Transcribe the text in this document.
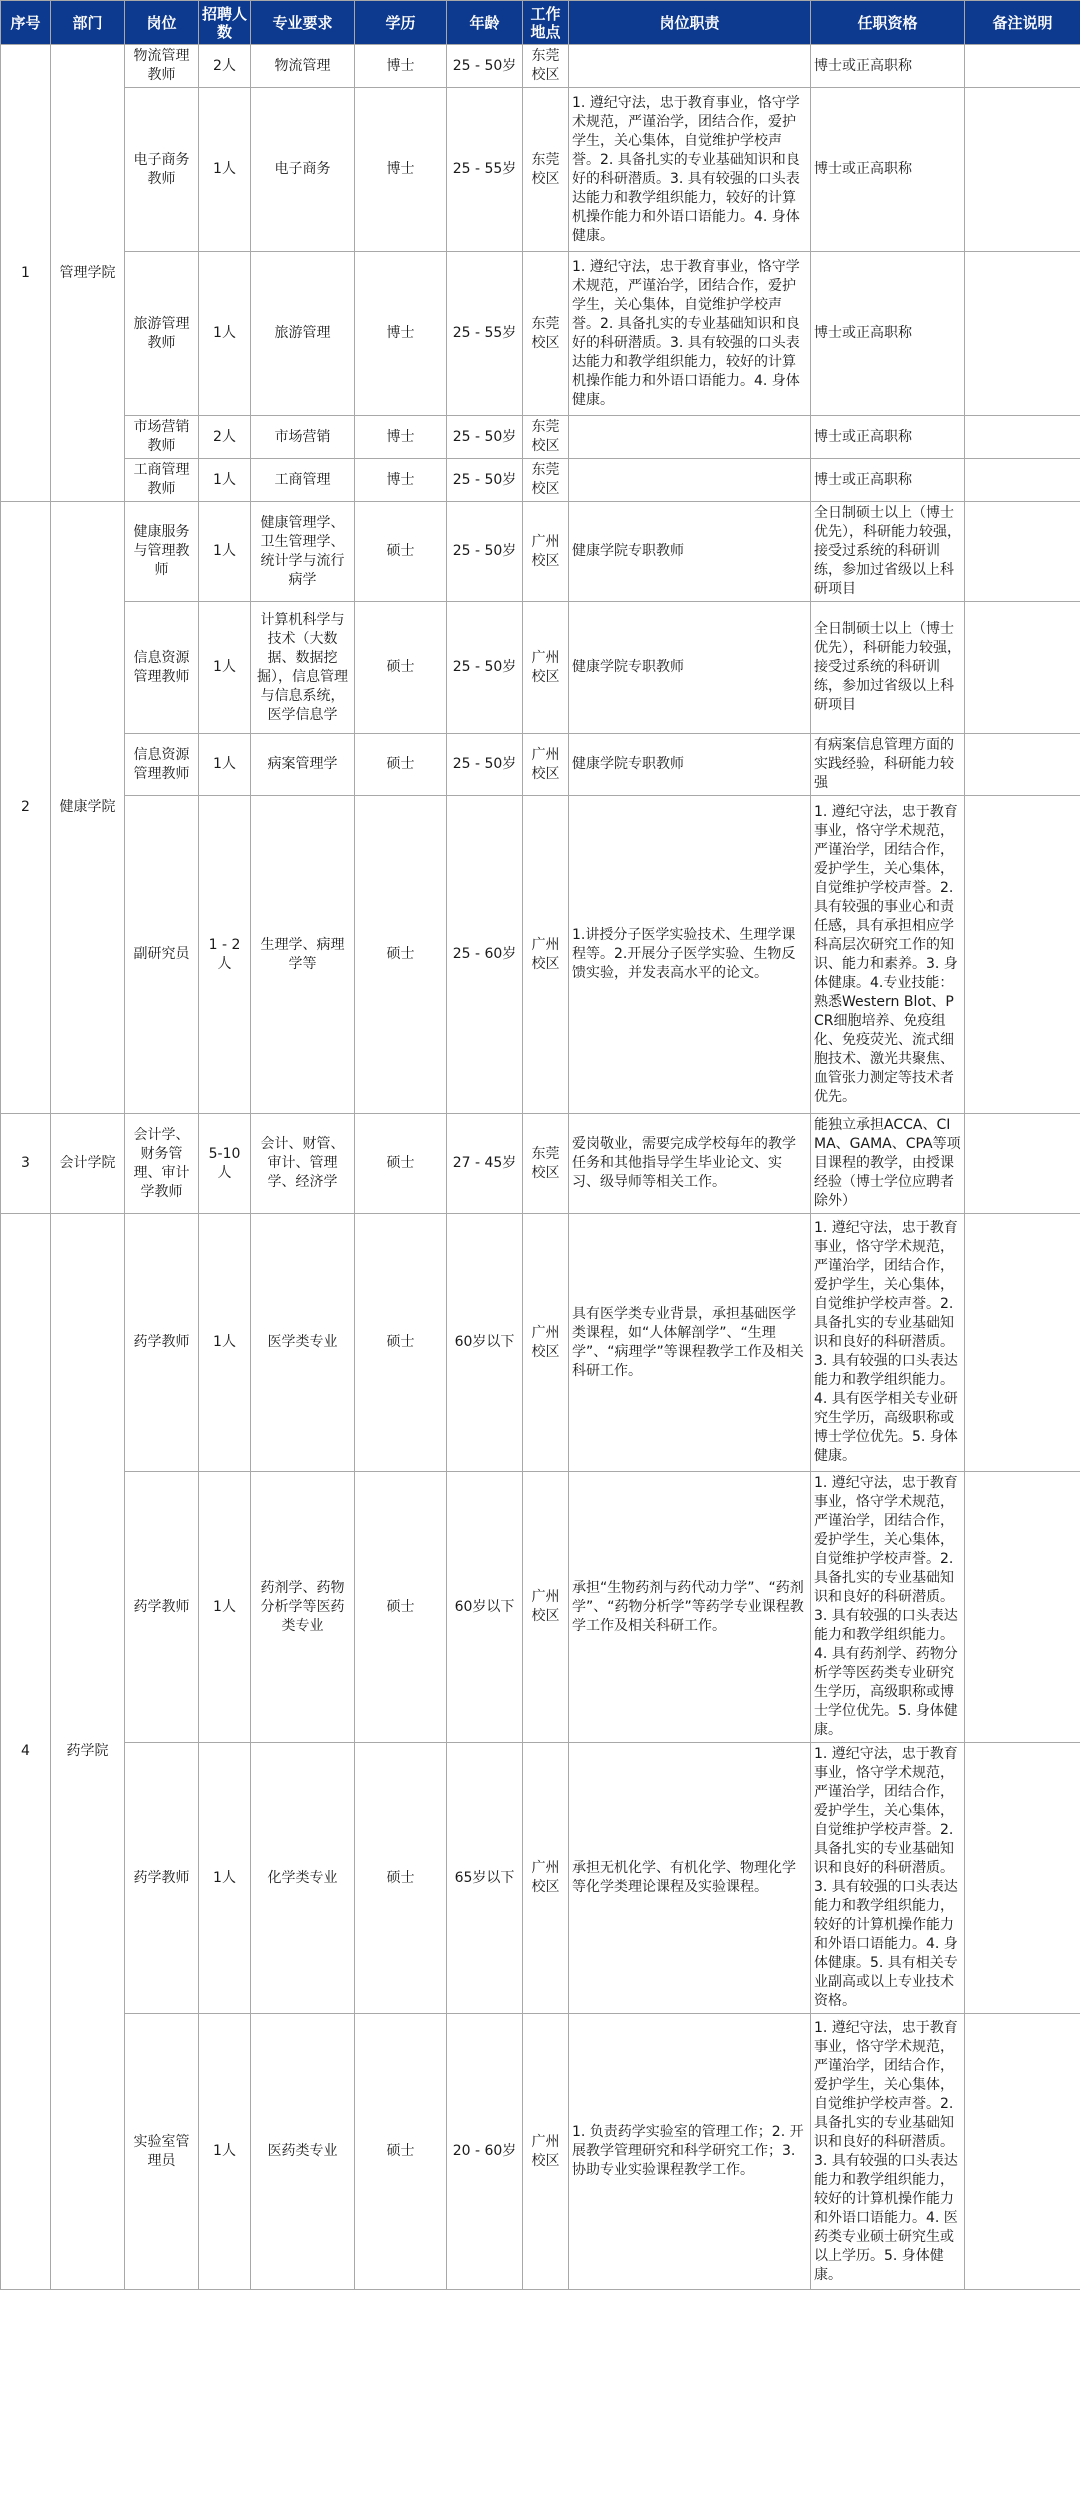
序号	部门	岗位	招聘人数	专业要求	学历	年龄	工作地点	岗位职责	任职资格	备注说明
1	管理学院	物流管理教师	2人	物流管理	博士	25 - 50岁	东莞校区		博士或正高职称	
		电子商务教师	1人	电子商务	博士	25 - 55岁	东莞校区	1. 遵纪守法，忠于教育事业，恪守学术规范，严谨治学，团结合作，爱护学生，关心集体，自觉维护学校声誉。2. 具备扎实的专业基础知识和良好的科研潜质。3. 具有较强的口头表达能力和教学组织能力，较好的计算机操作能力和外语口语能力。4. 身体健康。	博士或正高职称	
		旅游管理教师	1人	旅游管理	博士	25 - 55岁	东莞校区	1. 遵纪守法，忠于教育事业，恪守学术规范，严谨治学，团结合作，爱护学生，关心集体，自觉维护学校声誉。2. 具备扎实的专业基础知识和良好的科研潜质。3. 具有较强的口头表达能力和教学组织能力，较好的计算机操作能力和外语口语能力。4. 身体健康。	博士或正高职称	
		市场营销教师	2人	市场营销	博士	25 - 50岁	东莞校区		博士或正高职称	
		工商管理教师	1人	工商管理	博士	25 - 50岁	东莞校区		博士或正高职称	
2	健康学院	健康服务与管理教师	1人	健康管理学、卫生管理学、统计学与流行病学	硕士	25 - 50岁	广州校区	健康学院专职教师	全日制硕士以上（博士优先），科研能力较强，接受过系统的科研训练，参加过省级以上科研项目	
		信息资源管理教师	1人	计算机科学与技术（大数据、数据挖掘），信息管理与信息系统，医学信息学	硕士	25 - 50岁	广州校区	健康学院专职教师	全日制硕士以上（博士优先），科研能力较强，接受过系统的科研训练，参加过省级以上科研项目	
		信息资源管理教师	1人	病案管理学	硕士	25 - 50岁	广州校区	健康学院专职教师	有病案信息管理方面的实践经验，科研能力较强	
		副研究员	1 - 2人	生理学、病理学等	硕士	25 - 60岁	广州校区	1.讲授分子医学实验技术、生理学课程等。2.开展分子医学实验、生物反馈实验，并发表高水平的论文。	1. 遵纪守法，忠于教育事业，恪守学术规范，严谨治学，团结合作，爱护学生，关心集体，自觉维护学校声誉。2. 具有较强的事业心和责任感，具有承担相应学科高层次研究工作的知识、能力和素养。3. 身体健康。4.专业技能：熟悉Western Blot、PCR细胞培养、免疫组化、免疫荧光、流式细胞技术、激光共聚焦、血管张力测定等技术者优先。	
3	会计学院	会计学、财务管理、审计学教师	5-10人	会计、财管、审计、管理学、经济学	硕士	27 - 45岁	东莞校区	爱岗敬业，需要完成学校每年的教学任务和其他指导学生毕业论文、实习、级导师等相关工作。	能独立承担ACCA、CIMA、GAMA、CPA等项目课程的教学，由授课经验（博士学位应聘者除外）	
4	药学院	药学教师	1人	医学类专业	硕士	60岁以下	广州校区	具有医学类专业背景，承担基础医学类课程，如“人体解剖学”、“生理学”、“病理学”等课程教学工作及相关科研工作。	1. 遵纪守法，忠于教育事业，恪守学术规范，严谨治学，团结合作，爱护学生，关心集体，自觉维护学校声誉。2. 具备扎实的专业基础知识和良好的科研潜质。3. 具有较强的口头表达能力和教学组织能力。4. 具有医学相关专业研究生学历，高级职称或博士学位优先。5. 身体健康。	
		药学教师	1人	药剂学、药物分析学等医药类专业	硕士	60岁以下	广州校区	承担“生物药剂与药代动力学”、“药剂学”、“药物分析学”等药学专业课程教学工作及相关科研工作。	1. 遵纪守法，忠于教育事业，恪守学术规范，严谨治学，团结合作，爱护学生，关心集体，自觉维护学校声誉。2. 具备扎实的专业基础知识和良好的科研潜质。3. 具有较强的口头表达能力和教学组织能力。4. 具有药剂学、药物分析学等医药类专业研究生学历，高级职称或博士学位优先。5. 身体健康。	
		药学教师	1人	化学类专业	硕士	65岁以下	广州校区	承担无机化学、有机化学、物理化学等化学类理论课程及实验课程。	1. 遵纪守法，忠于教育事业，恪守学术规范，严谨治学，团结合作，爱护学生，关心集体，自觉维护学校声誉。2. 具备扎实的专业基础知识和良好的科研潜质。3. 具有较强的口头表达能力和教学组织能力，较好的计算机操作能力和外语口语能力。4. 身体健康。5. 具有相关专业副高或以上专业技术资格。	
		实验室管理员	1人	医药类专业	硕士	20 - 60岁	广州校区	1. 负责药学实验室的管理工作；2. 开展教学管理研究和科学研究工作；3. 协助专业实验课程教学工作。	1. 遵纪守法，忠于教育事业，恪守学术规范，严谨治学，团结合作，爱护学生，关心集体，自觉维护学校声誉。2. 具备扎实的专业基础知识和良好的科研潜质。3. 具有较强的口头表达能力和教学组织能力，较好的计算机操作能力和外语口语能力。4. 医药类专业硕士研究生或以上学历。5. 身体健康。	
